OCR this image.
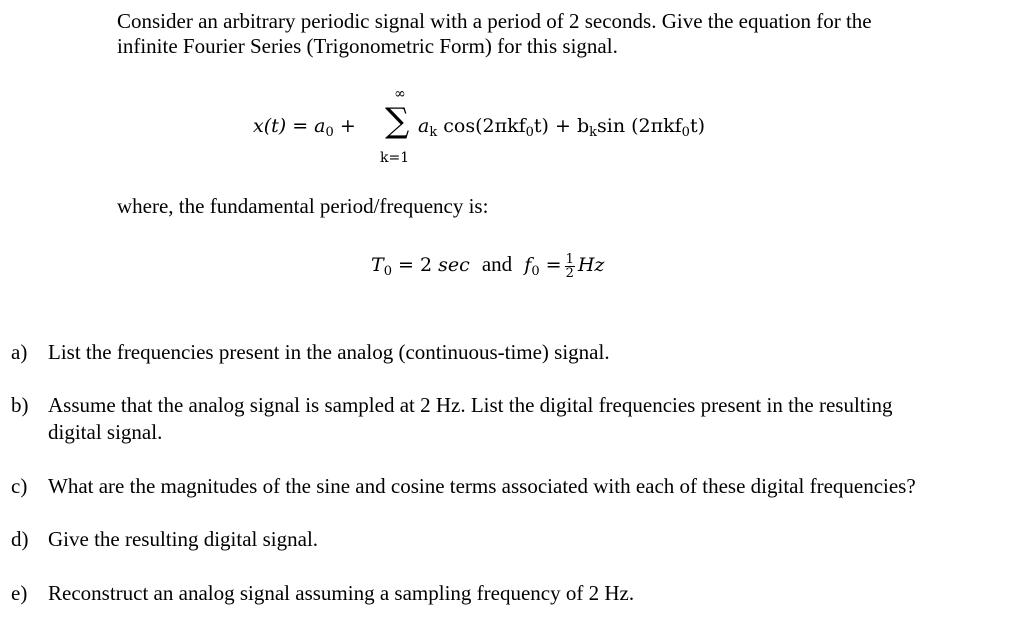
Consider an arbitrary periodic signal with a period of 2 seconds. Give the equation for the
infinite Fourier Series (Trigonometric Form) for this signal.
∞
∑
k=1
$x(t) = a_0$ +	$a_k$ $\cos(2\pi kf_0t) + b_k\sin$ (2πkf$_0$t)
where, the fundamental period/frequency is:
$T_0 = 2$ sec and $f_0 = \frac{1}{2}$ Hz
a) List the frequencies present in the analog (continuous-time) signal.
b) Assume that the analog signal is sampled at 2 Hz. List the digital frequencies present in the resulting
digital signal.
c) What are the magnitudes of the sine and cosine terms associated with each of these digital frequencies?
d) Give the resulting digital signal.
e) Reconstruct an analog signal assuming a sampling frequency of 2 Hz.
